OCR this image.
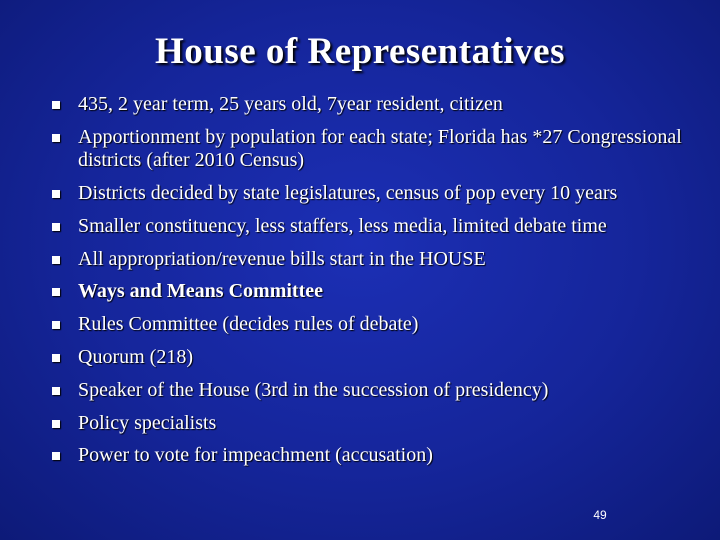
House of Representatives
435, 2 year term, 25 years old, 7year resident, citizen
Apportionment by population for each state; Florida has *27 Congressional districts (after 2010 Census)
Districts decided by state legislatures, census of pop every 10 years
Smaller constituency, less staffers, less media, limited debate time
All appropriation/revenue bills start in the HOUSE
Ways and Means Committee
Rules Committee (decides rules of debate)
Quorum (218)
Speaker of the House (3rd in the succession of presidency)
Policy specialists
Power to vote for impeachment (accusation)
49
